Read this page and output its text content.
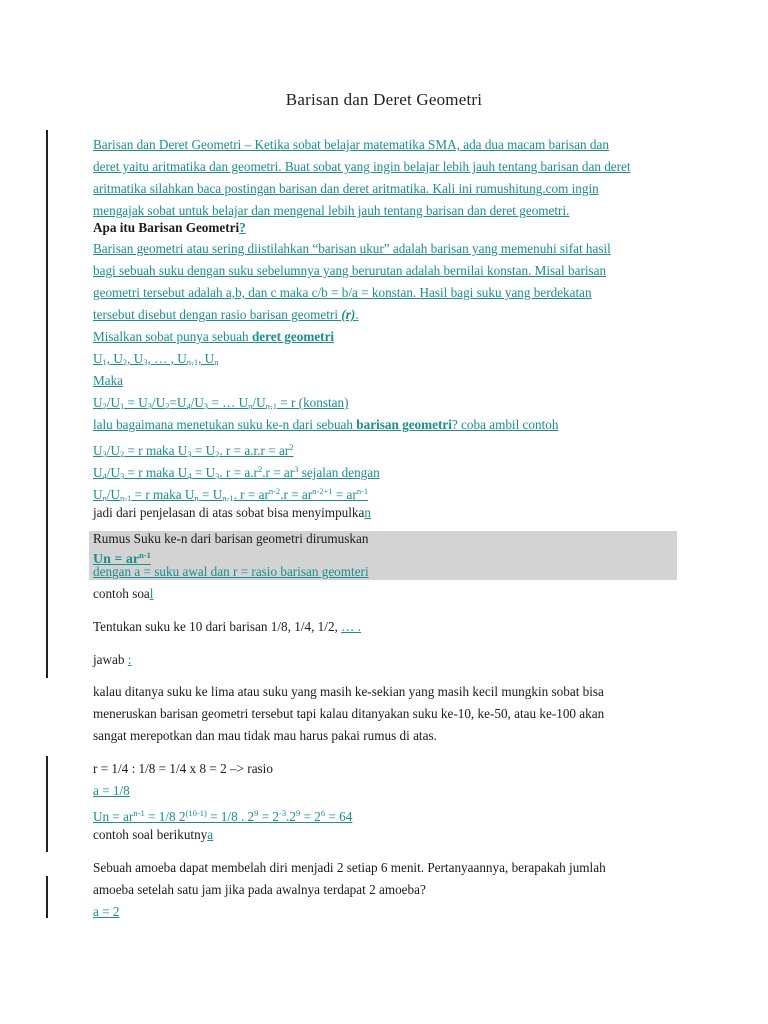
Barisan dan Deret Geometri
Barisan dan Deret Geometri – Ketika sobat belajar matematika SMA, ada dua macam barisan dan
deret yaitu aritmatika dan geometri. Buat sobat yang ingin belajar lebih jauh tentang barisan dan deret
aritmatika silahkan baca postingan barisan dan deret aritmatika. Kali ini rumushitung.com ingin
mengajak sobat untuk belajar dan mengenal lebih jauh tentang barisan dan deret geometri.
Apa itu Barisan Geometri?
Barisan geometri atau sering diistilahkan “barisan ukur” adalah barisan yang memenuhi sifat hasil
bagi sebuah suku dengan suku sebelumnya yang berurutan adalah bernilai konstan. Misal barisan
geometri tersebut adalah a,b, dan c maka c/b = b/a = konstan. Hasil bagi suku yang berdekatan
tersebut disebut dengan rasio barisan geometri (r).
Misalkan sobat punya sebuah deret geometri
$U_1$, $U_2$, $U_3$, … , $U_{n-1}$, $U_n$
Maka
$U_2/U_1 = U_3/U_2=U_4/U_3$ = … $U_n/U_{n-1} = r$ (konstan)
lalu bagaimana menetukan suku ke-n dari sebuah barisan geometri? coba ambil contoh
$U_3/U_2 = r$ maka $U_3 = U_2$. $r = a.r.r = ar^2$
$U_4/U_3 = r$ maka $U_4 = U_3$. $r = a.r^2.r = ar^3$ sejalan dengan
$U_n/U_{n-1} = r$ maka $U_n = U_{n-1}$. $r = ar^{n-2}.r = ar^{n-2+1} = ar^{n-1}$
jadi dari penjelasan di atas sobat bisa menyimpulkan
Rumus Suku ke-n dari barisan geometri dirumuskan
$Un = ar^{n-1}$
dengan a = suku awal dan r = rasio barisan geomteri
contoh soal
Tentukan suku ke 10 dari barisan 1/8, 1/4, 1/2, … .
jawab :
kalau ditanya suku ke lima atau suku yang masih ke-sekian yang masih kecil mungkin sobat bisa
meneruskan barisan geometri tersebut tapi kalau ditanyakan suku ke-10, ke-50, atau ke-100 akan
sangat merepotkan dan mau tidak mau harus pakai rumus di atas.
r = 1/4 : 1/8 = 1/4 x 8 = 2 –> rasio
a = 1/8
$Un = ar^{n-1} = 1/8$ $2^{(10-1)} = 1/8$ . $2^9 = 2^{-3}.2^9 = 2^6 = 64$
contoh soal berikutnya
Sebuah amoeba dapat membelah diri menjadi 2 setiap 6 menit. Pertanyaannya, berapakah jumlah
amoeba setelah satu jam jika pada awalnya terdapat 2 amoeba?
a = 2
